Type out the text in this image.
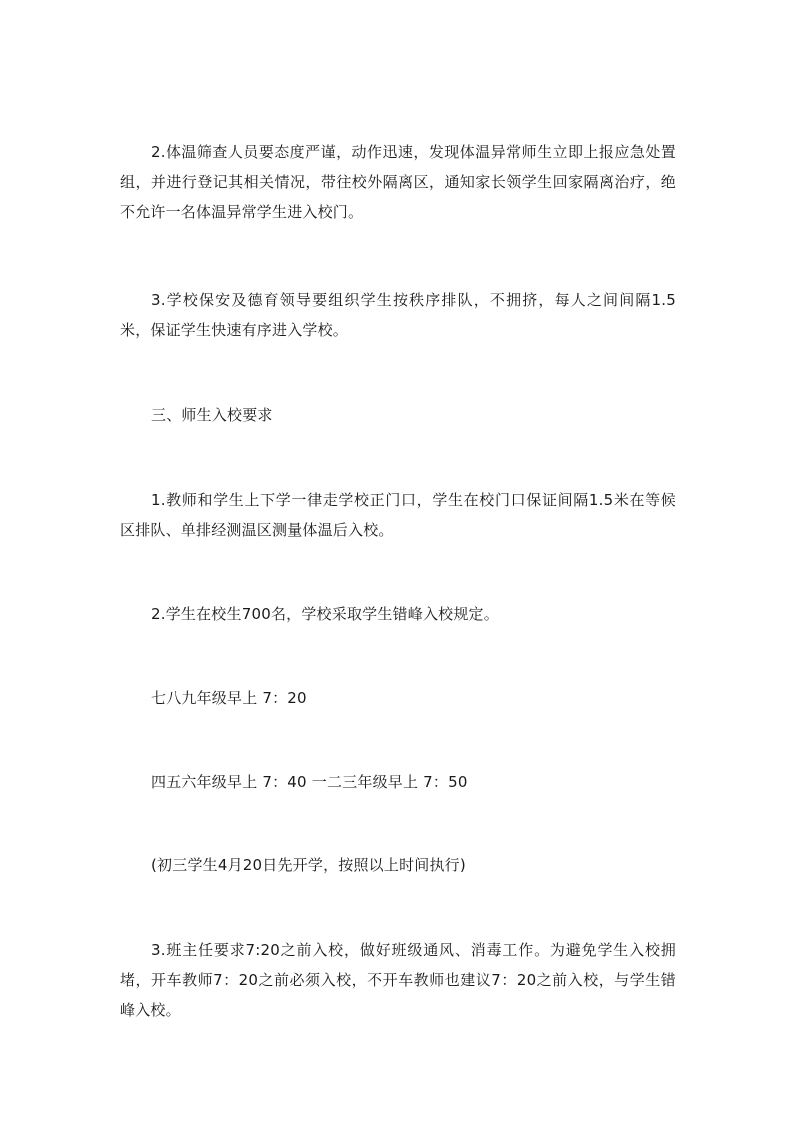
2.体温筛查人员要态度严谨，动作迅速，发现体温异常师生立即上报应急处置组，并进行登记其相关情况，带往校外隔离区，通知家长领学生回家隔离治疗，绝不允许一名体温异常学生进入校门。

3.学校保安及德育领导要组织学生按秩序排队，不拥挤，每人之间间隔1.5米，保证学生快速有序进入学校。

三、师生入校要求

1.教师和学生上下学一律走学校正门口，学生在校门口保证间隔1.5米在等候区排队、单排经测温区测量体温后入校。

2.学生在校生700名，学校采取学生错峰入校规定。

七八九年级早上 7：20

四五六年级早上 7：40 一二三年级早上 7：50

(初三学生4月20日先开学，按照以上时间执行)

3.班主任要求7:20之前入校，做好班级通风、消毒工作。为避免学生入校拥堵，开车教师7：20之前必须入校，不开车教师也建议7：20之前入校，与学生错峰入校。
